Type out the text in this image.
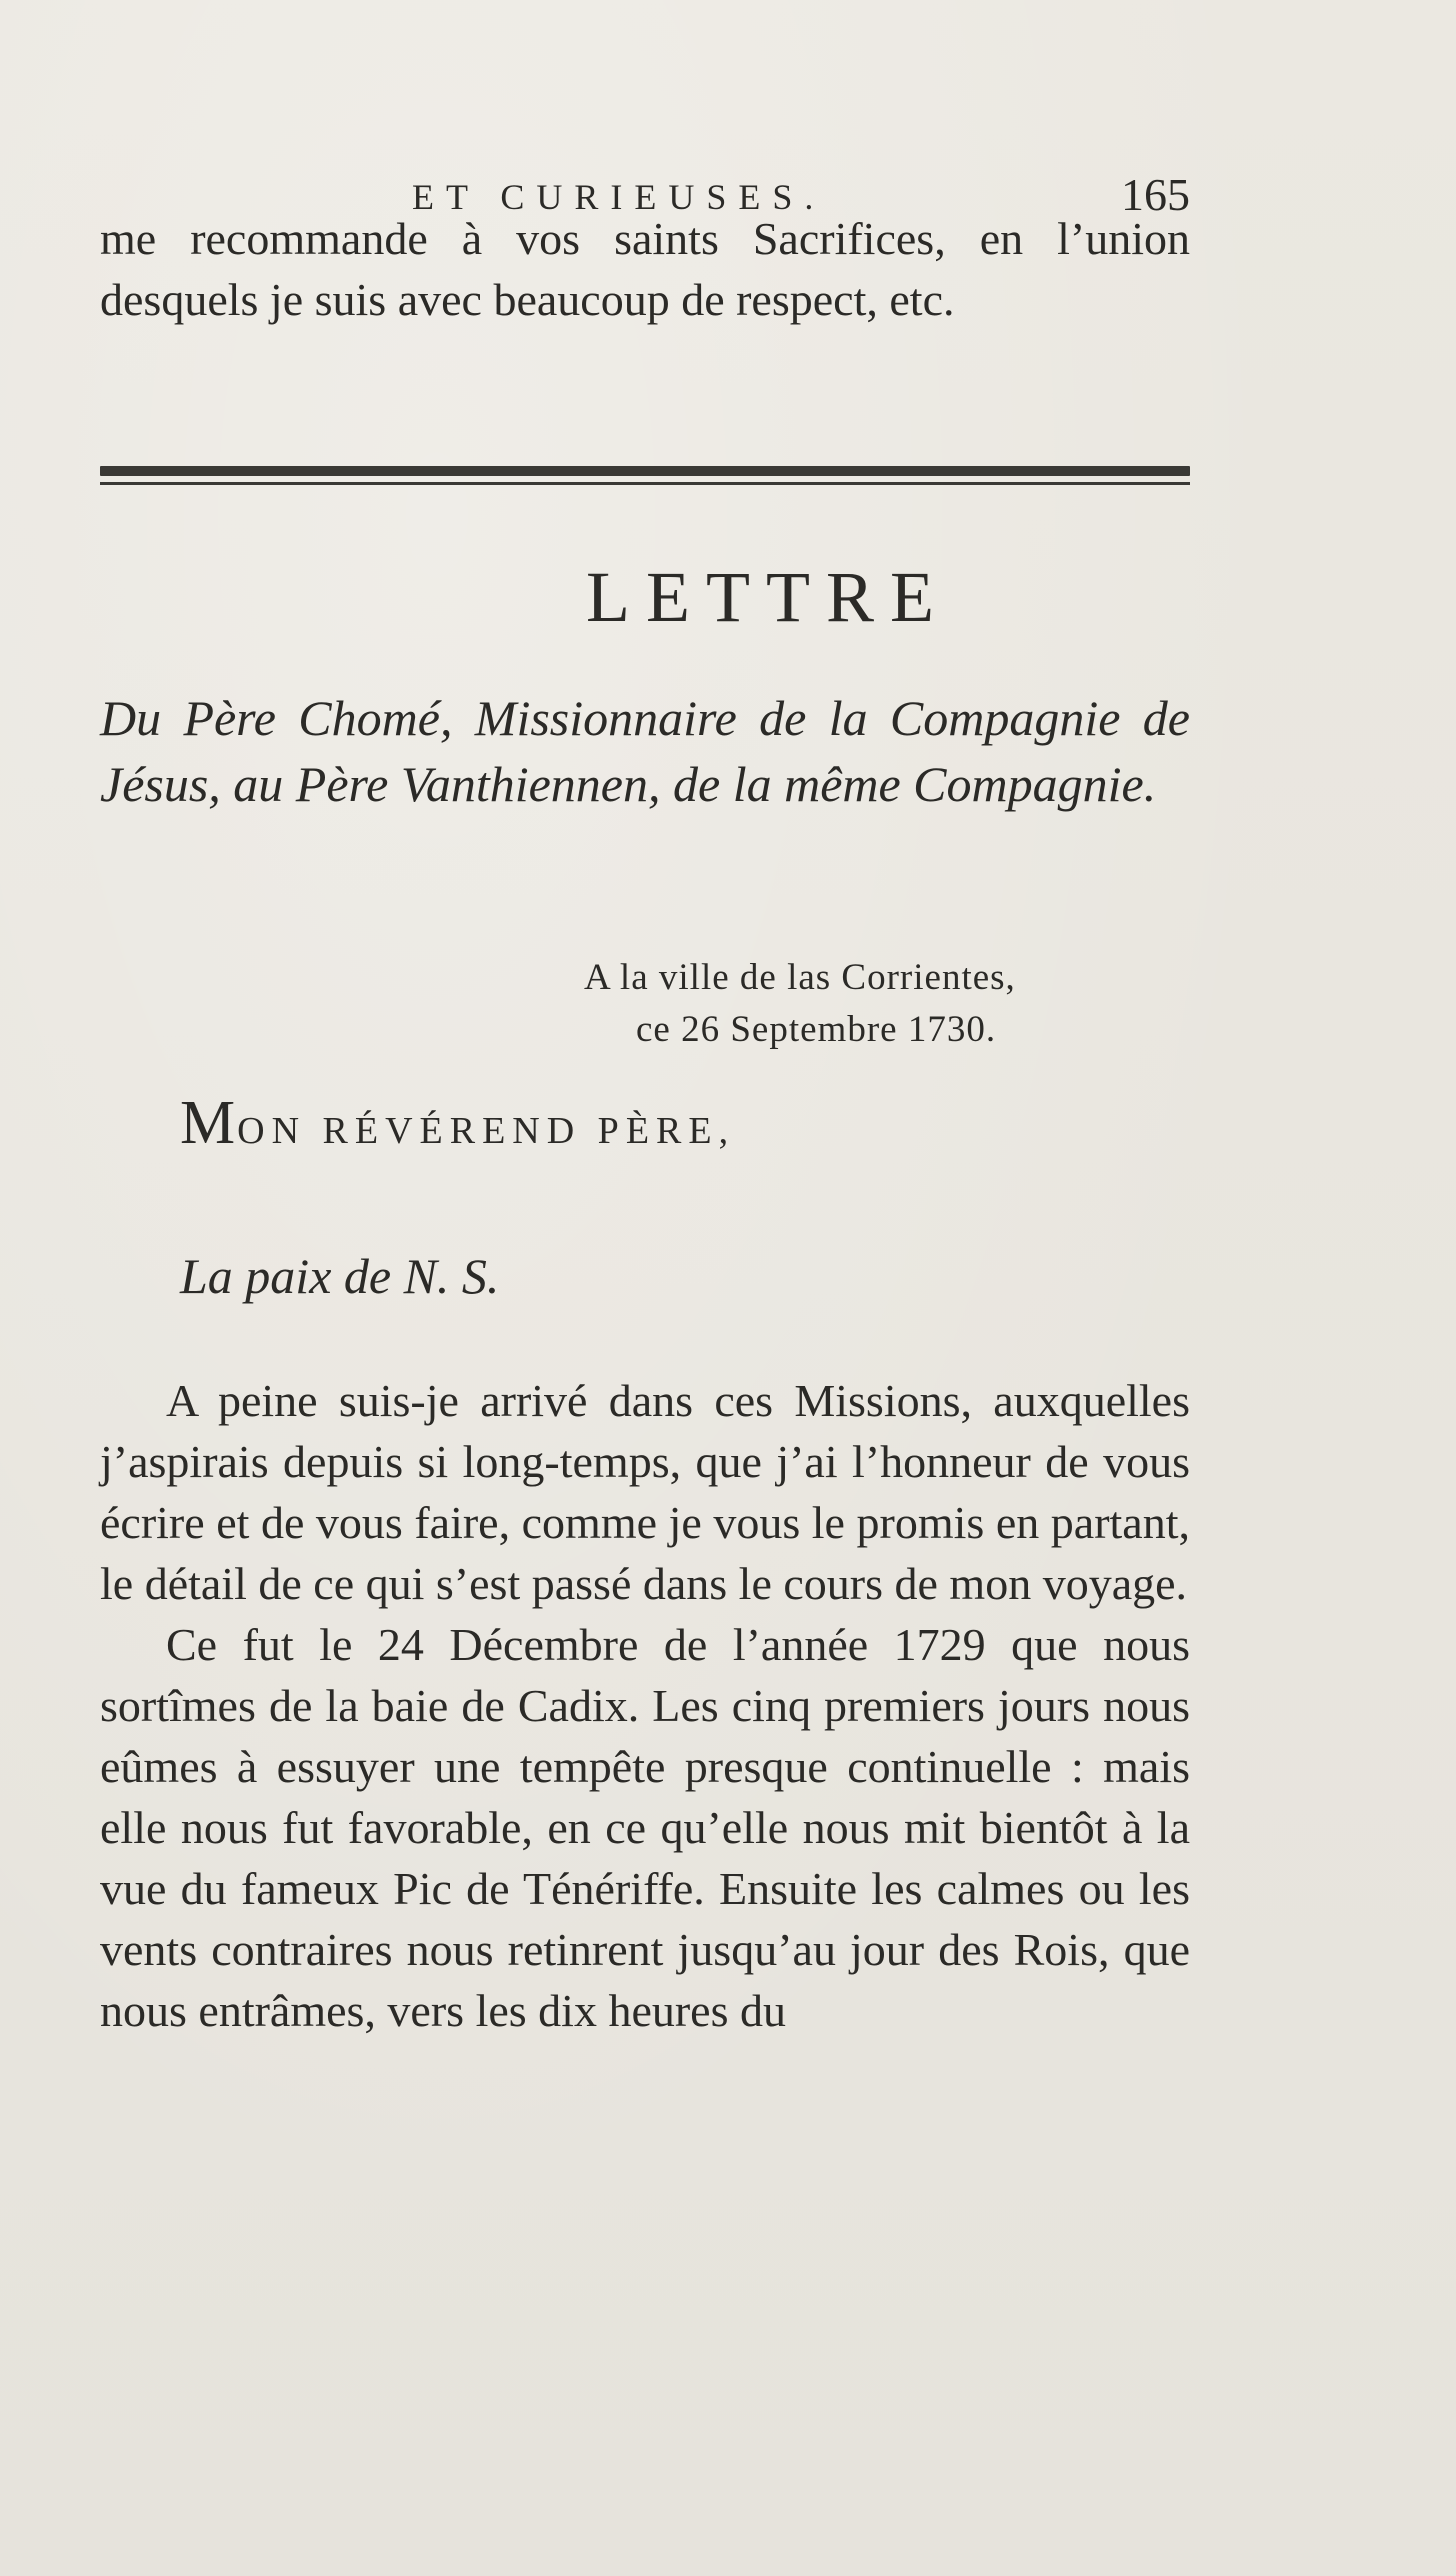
ET CURIEUSES.	165
me recommande à vos saints Sacrifices, en l’union desquels je suis avec beaucoup de respect, etc.
LETTRE
Du Père Chomé, Missionnaire de la Compagnie de Jésus, au Père Vanthiennen, de la même Compagnie.
A la ville de las Corrientes,
ce 26 Septembre 1730.
MON RÉVÉREND PÈRE,
La paix de N. S.

A peine suis-je arrivé dans ces Missions, auxquelles j’aspirais depuis si long-temps, que j’ai l’honneur de vous écrire et de vous faire, comme je vous le promis en partant, le détail de ce qui s’est passé dans le cours de mon voyage.

Ce fut le 24 Décembre de l’année 1729 que nous sortîmes de la baie de Cadix. Les cinq premiers jours nous eûmes à essuyer une tempête presque continuelle : mais elle nous fut favorable, en ce qu’elle nous mit bientôt à la vue du fameux Pic de Ténériffe. Ensuite les calmes ou les vents contraires nous retinrent jusqu’au jour des Rois, que nous entrâmes, vers les dix heures du
